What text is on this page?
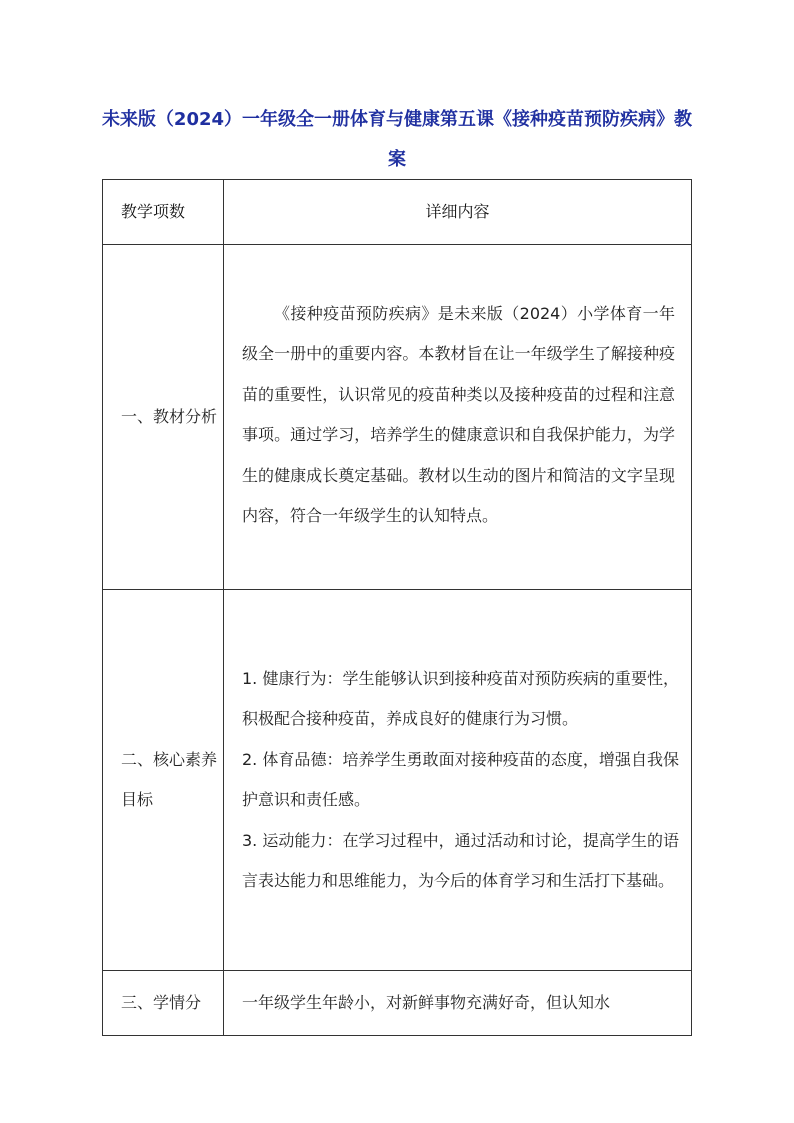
未来版（2024）一年级全一册体育与健康第五课《接种疫苗预防疾病》教案
教学项数	详细内容
一、教材分析	《接种疫苗预防疾病》是未来版（2024）小学体育一年级全一册中的重要内容。本教材旨在让一年级学生了解接种疫苗的重要性，认识常见的疫苗种类以及接种疫苗的过程和注意事项。通过学习，培养学生的健康意识和自我保护能力，为学生的健康成长奠定基础。教材以生动的图片和简洁的文字呈现内容，符合一年级学生的认知特点。

二、核心素养目标	1. 健康行为：学生能够认识到接种疫苗对预防疾病的重要性，积极配合接种疫苗，养成良好的健康行为习惯。

2. 体育品德：培养学生勇敢面对接种疫苗的态度，增强自我保护意识和责任感。

3. 运动能力：在学习过程中，通过活动和讨论，提高学生的语言表达能力和思维能力，为今后的体育学习和生活打下基础。

三、学情分	一年级学生年龄小，对新鲜事物充满好奇，但认知水
